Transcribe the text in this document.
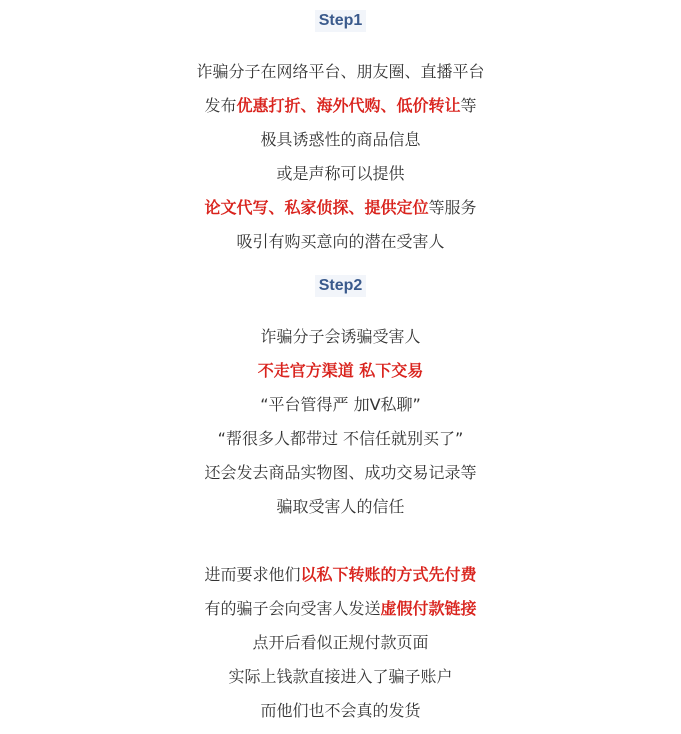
Step1
诈骗分子在网络平台、朋友圈、直播平台
发布优惠打折、海外代购、低价转让等
极具诱惑性的商品信息
或是声称可以提供
论文代写、私家侦探、提供定位等服务
吸引有购买意向的潜在受害人
Step2
诈骗分子会诱骗受害人
不走官方渠道 私下交易
“平台管得严 加V私聊”
“帮很多人都带过 不信任就别买了”
还会发去商品实物图、成功交易记录等
骗取受害人的信任
进而要求他们以私下转账的方式先付费
有的骗子会向受害人发送虚假付款链接
点开后看似正规付款页面
实际上钱款直接进入了骗子账户
而他们也不会真的发货
